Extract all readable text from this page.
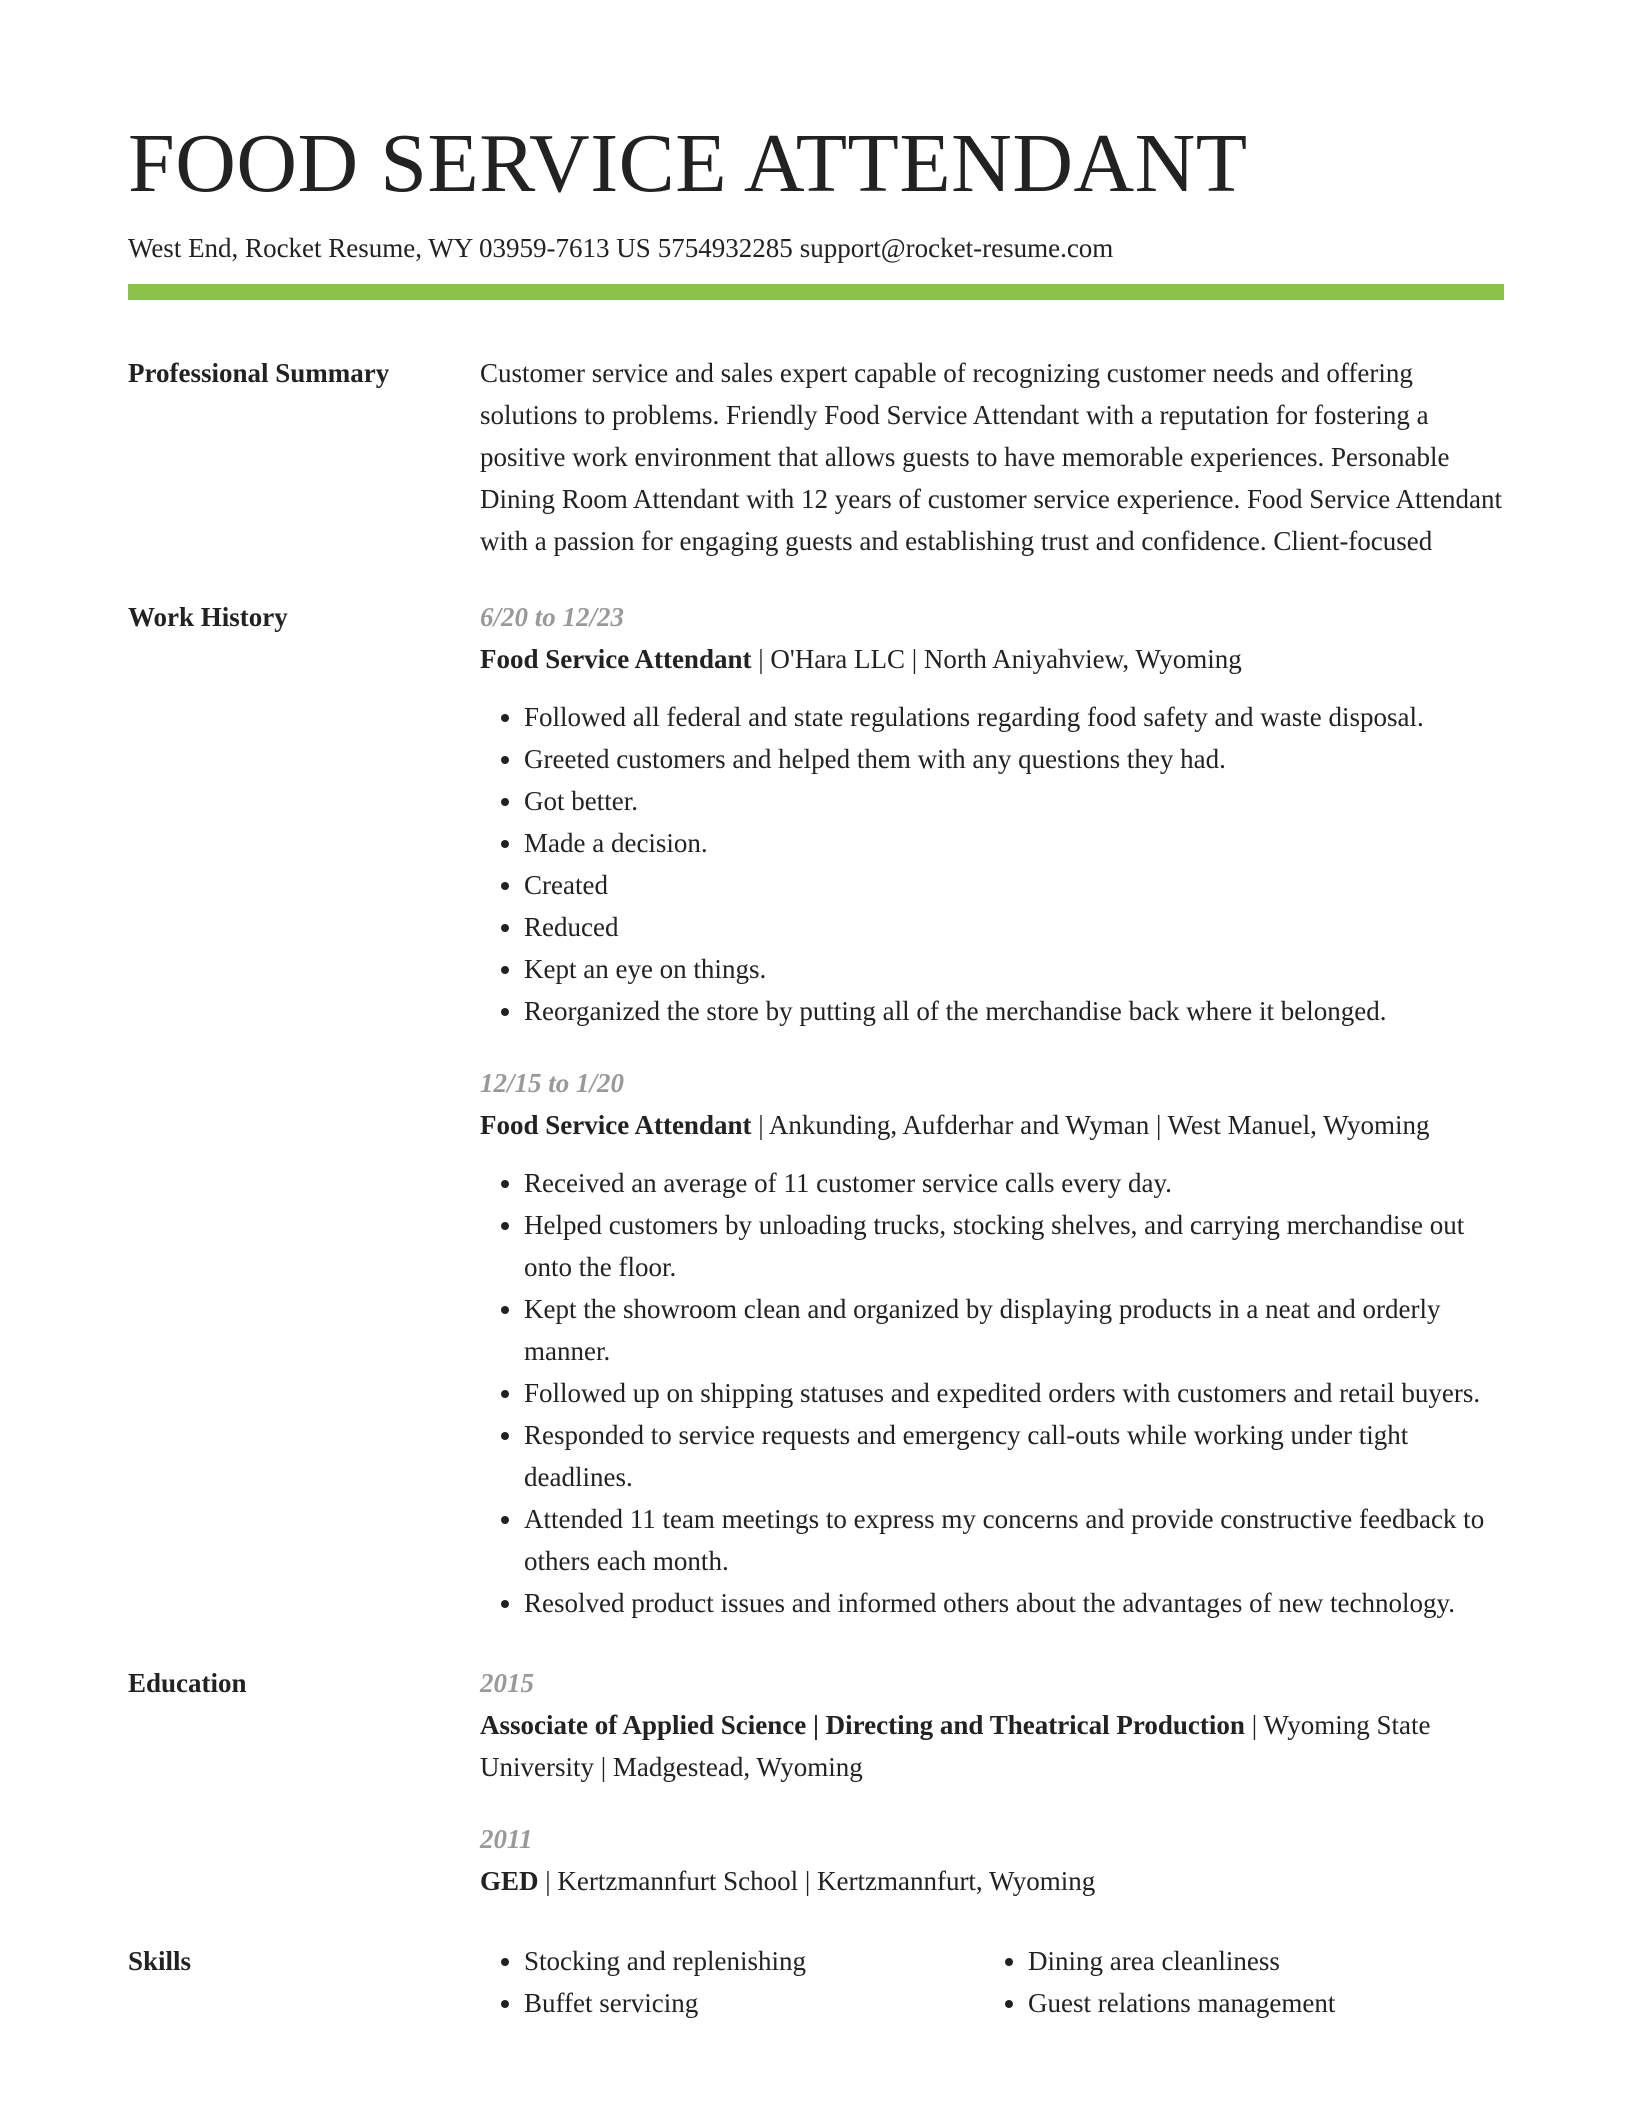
FOOD SERVICE ATTENDANT
West End, Rocket Resume, WY 03959-7613 US 5754932285 support@rocket-resume.com
Professional Summary	Customer service and sales expert capable of recognizing customer needs and offering solutions to problems. Friendly Food Service Attendant with a reputation for fostering a positive work environment that allows guests to have memorable experiences. Personable Dining Room Attendant with 12 years of customer service experience. Food Service Attendant with a passion for engaging guests and establishing trust and confidence. Client-focused

Work History	6/20 to 12/23
Food Service Attendant | O'Hara LLC | North Aniyahview, Wyoming
• Followed all federal and state regulations regarding food safety and waste disposal.
• Greeted customers and helped them with any questions they had.
• Got better.
• Made a decision.
• Created
• Reduced
• Kept an eye on things.
• Reorganized the store by putting all of the merchandise back where it belonged.
12/15 to 1/20
Food Service Attendant | Ankunding, Aufderhar and Wyman | West Manuel, Wyoming
• Received an average of 11 customer service calls every day.
• Helped customers by unloading trucks, stocking shelves, and carrying merchandise out onto the floor.
• Kept the showroom clean and organized by displaying products in a neat and orderly manner.
• Followed up on shipping statuses and expedited orders with customers and retail buyers.
• Responded to service requests and emergency call-outs while working under tight deadlines.
• Attended 11 team meetings to express my concerns and provide constructive feedback to others each month.
• Resolved product issues and informed others about the advantages of new technology.
Education	2015
Associate of Applied Science | Directing and Theatrical Production | Wyoming State University | Madgestead, Wyoming
2011
GED | Kertzmannfurt School | Kertzmannfurt, Wyoming
Skills
•	Stocking and replenishing
• Buffet servicing
• Dining area cleanliness
• Guest relations management
